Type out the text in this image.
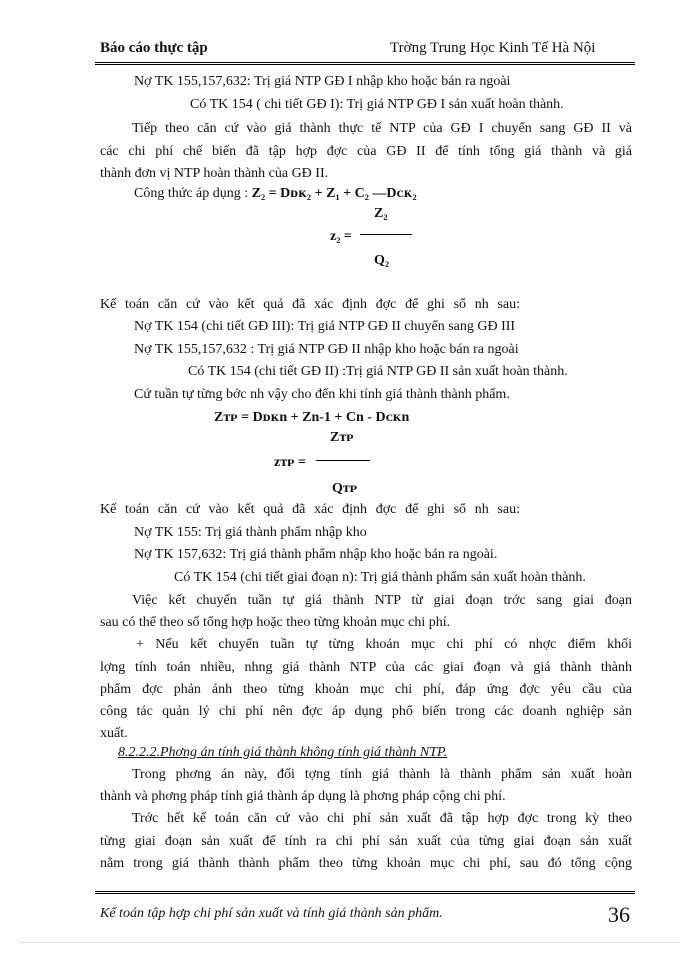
Báo cáo thực tập	Trờng Trung Học Kinh Tế Hà Nội
Nợ TK 155,157,632: Trị giá NTP GĐ I nhập kho hoặc bán ra ngoài
Có TK 154 ( chi tiết GĐ I): Trị giá NTP GĐ I sản xuất hoàn thành.
Tiếp theo căn cứ vào giá thành thực tế NTP của GĐ I chuyển sang GĐ II và
các chi phí chế biến đã tập hợp đợc của GĐ II để tính tổng giá thành và giá
thành đơn vị NTP hoàn thành của GĐ II.
Công thức áp dụng : Z₂ = Dᴅᴋ₂ + Z₁ + C₂ —Dᴄᴋ₂
Z₂
z₂ =
Q₂
Kế toán căn cứ vào kết quả đã xác định đợc để ghi sổ nh sau:
Nợ TK 154 (chi tiết GĐ III): Trị giá NTP GĐ II chuyển sang GĐ III
Nợ TK 155,157,632 : Trị giá NTP GĐ II nhập kho hoặc bán ra ngoài
Có TK 154 (chi tiết GĐ II) :Trị giá NTP GĐ II sản xuất hoàn thành.
Cứ tuần tự từng bớc nh vậy cho đến khi tính giá thành thành phẩm.
Zᴛᴘ = Dᴅᴋn + Zn-1 + Cn - Dᴄᴋn
Zᴛᴘ
zᴛᴘ =
Qᴛᴘ
Kế toán căn cứ vào kết quả đã xác định đợc để ghi sổ nh sau:
Nợ TK 155: Trị giá thành phẩm nhập kho
Nợ TK 157,632: Trị giá thành phẩm nhập kho hoặc bán ra ngoài.
Có TK 154 (chi tiết giai đoạn n): Trị giá thành phẩm sản xuất hoàn thành.
Việc kết chuyển tuần tự giá thành NTP từ giai đoạn trớc sang giai đoạn
sau có thể theo số tổng hợp hoặc theo từng khoản mục chi phí.
+ Nếu kết chuyển tuần tự từng khoản mục chi phí có nhợc điểm khối
lợng tính toán nhiều, nhng giá thành NTP của các giai đoạn và giá thành thành
phẩm đợc phản ánh theo từng khoản mục chi phí, đáp ứng đợc yêu cầu của
công tác quản lý chi phí nên đợc áp dụng phổ biến trong các doanh nghiệp sản
xuất.
8.2.2.2.Phơng án tính giá thành không tính giá thành NTP.
Trong phơng án này, đối tợng tính giá thành là thành phẩm sản xuất hoàn
thành và phơng pháp tính giá thành áp dụng là phơng pháp cộng chi phí.
Trớc hết kế toán căn cứ vào chi phí sản xuất đã tập hợp đợc trong kỳ theo
từng giai đoạn sản xuất để tính ra chi phí sản xuất của từng giai đoạn sản xuất
nằm trong giá thành thành phẩm theo từng khoản mục chi phí, sau đó tổng cộng
Kế toán tập hợp chi phí sản xuất và tính giá thành sản phẩm.	36
